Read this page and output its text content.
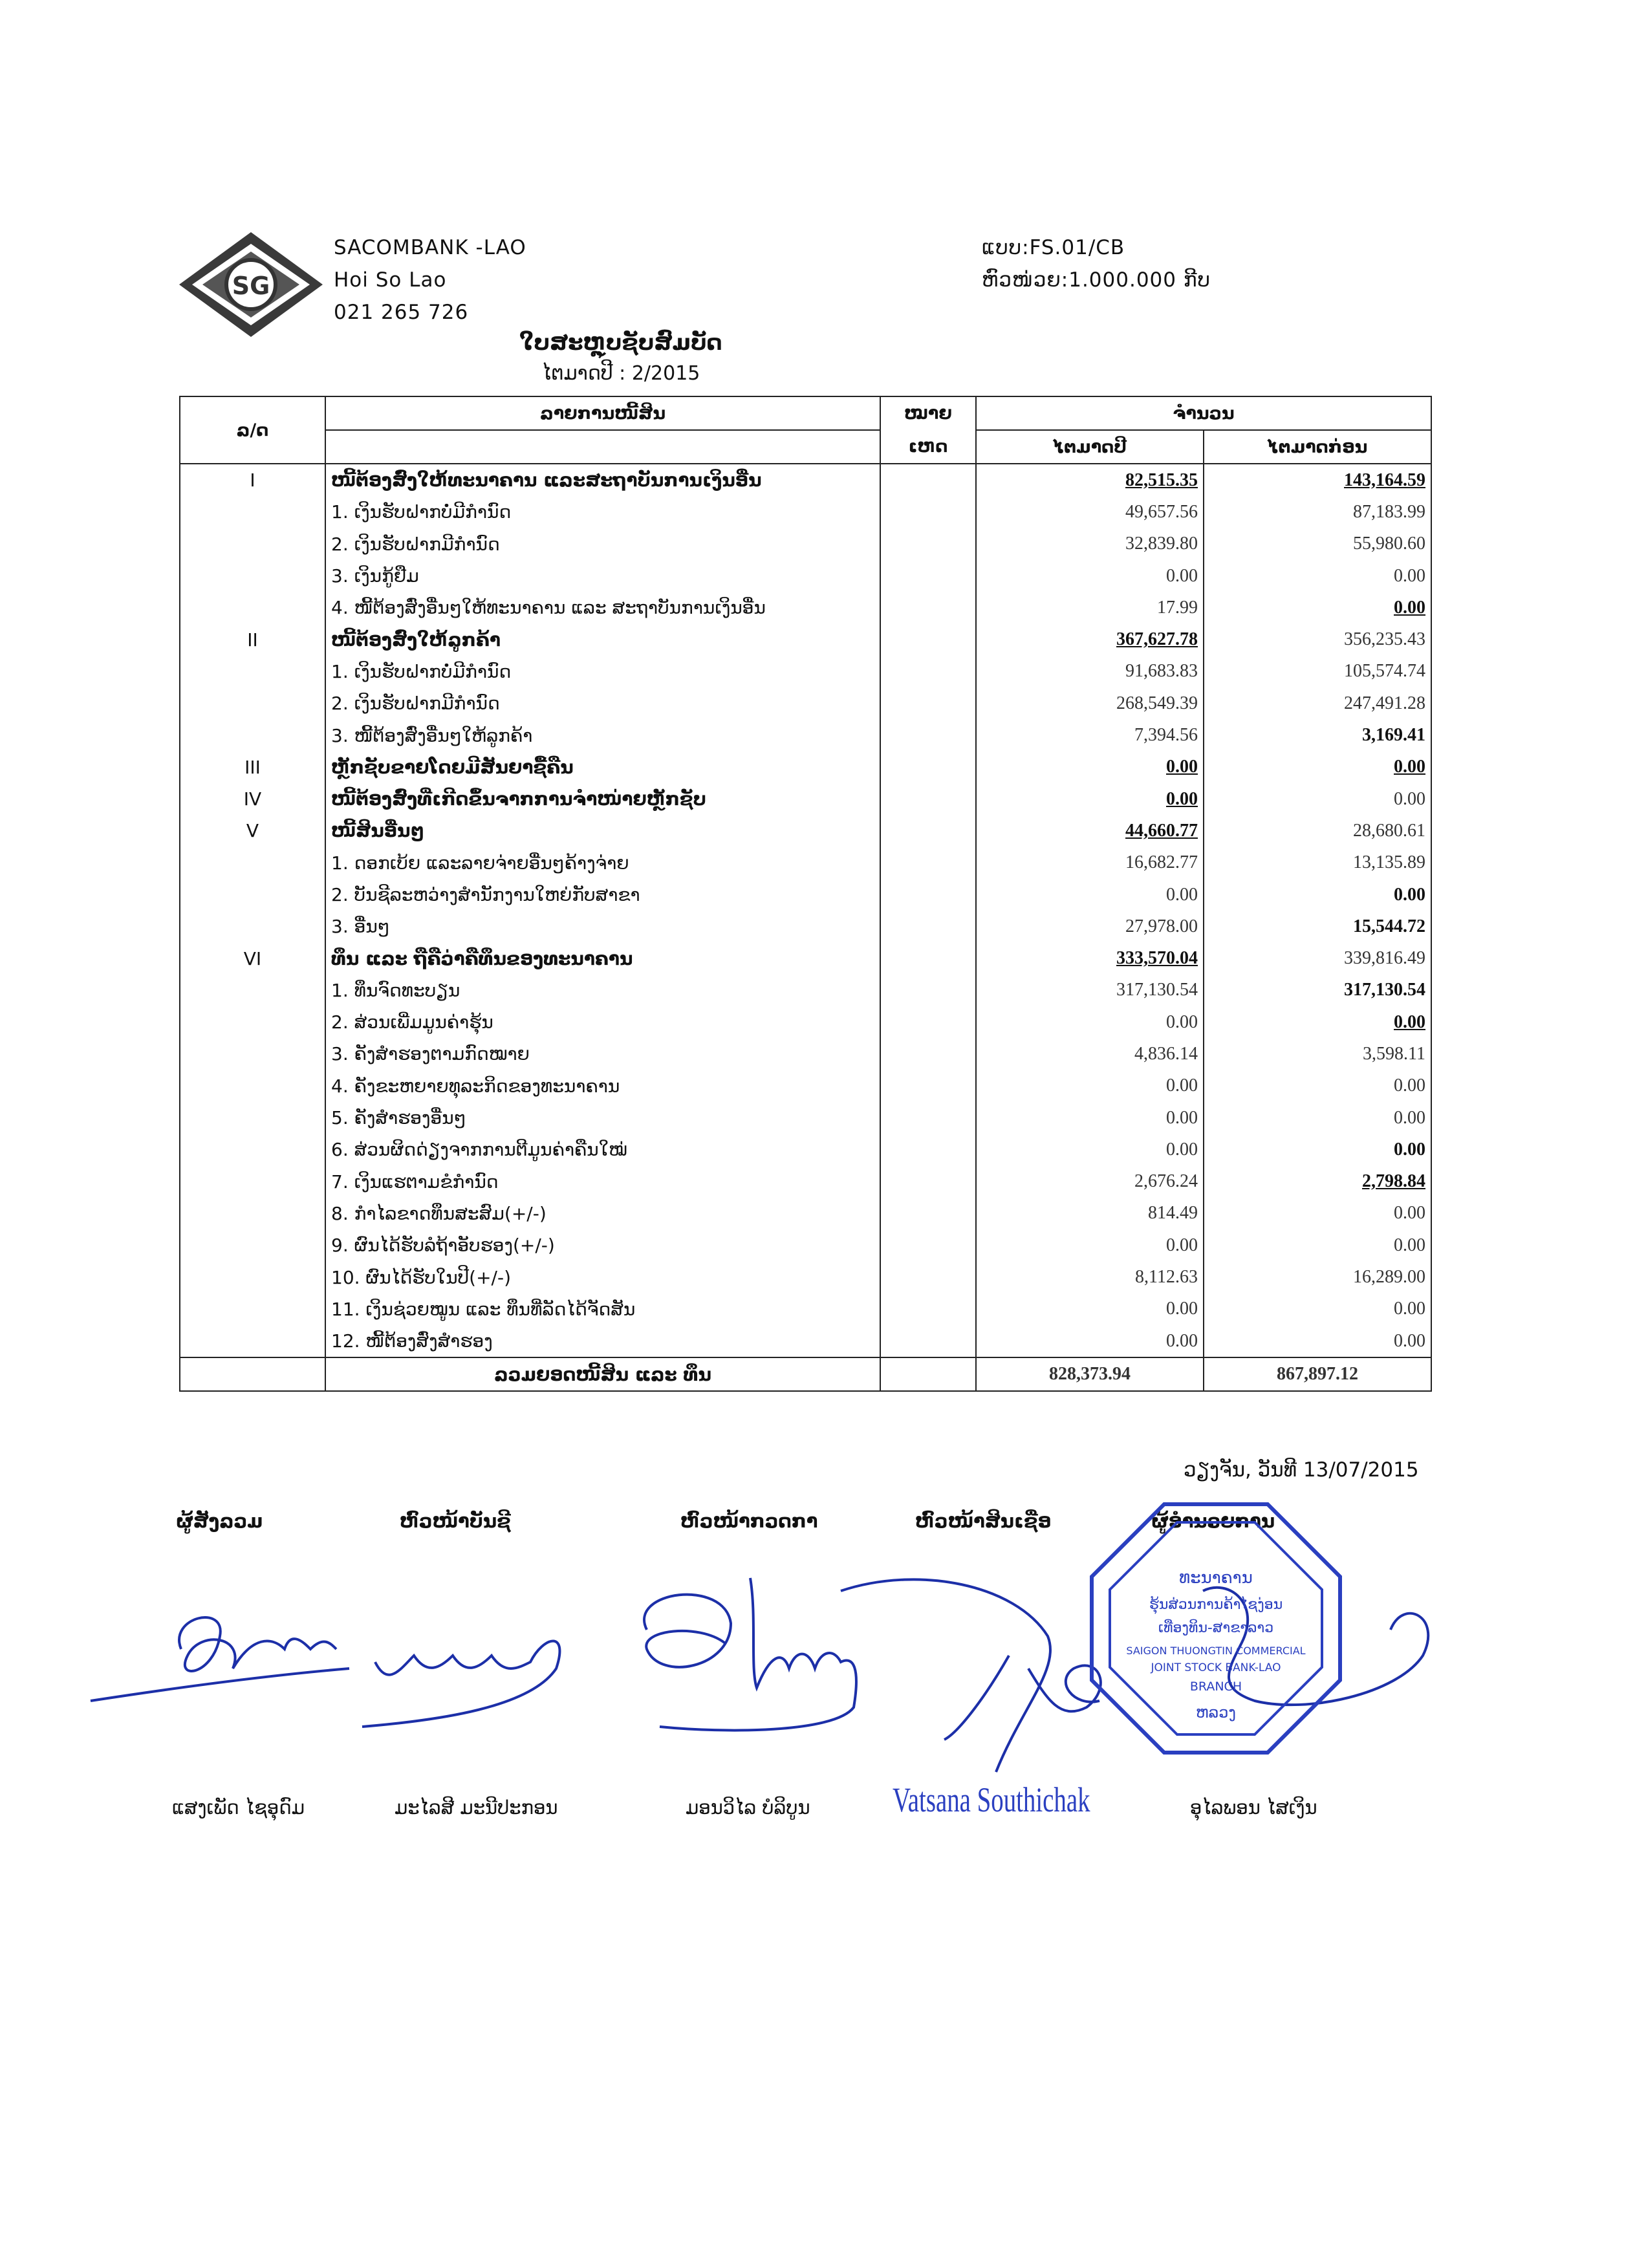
SG
SACOMBANK -LAO
Hoi So Lao
021 265 726
ແບບ:FS.01/CB
ຫົວໜ່ວຍ:1.000.000 ກີບ
ໃບສະຫຼຸບຊັບສົມບັດ
ໄຕມາດປີ : 2/2015
ລ/ດ	ລາຍການໜີ້ສິນ	ໝາຍ	ຈຳນວນ	
		ເຫດ	ໄຕມາດປີ	ໄຕມາດກ່ອນ
I	ໜີ້ຕ້ອງສົ່ງໃຫ້ທະນາຄານ ແລະສະຖາບັນການເງິນອື່ນ		82,515.35	143,164.59
	1. ເງິນຮັບຝາກບໍ່ມີກຳນົດ		49,657.56	87,183.99
	2. ເງິນຮັບຝາກມີກຳນົດ		32,839.80	55,980.60
	3. ເງິນກູ້ຢືມ		0.00	0.00
	4. ໜີ້ຕ້ອງສົ່ງອື່ນໆໃຫ້ທະນາຄານ ແລະ ສະຖາບັນການເງິນອື່ນ		17.99	0.00
II	ໜີ້ຕ້ອງສົ່ງໃຫ້ລູກຄ້າ		367,627.78	356,235.43
	1. ເງິນຮັບຝາກບໍ່ມີກຳນົດ		91,683.83	105,574.74
	2. ເງິນຮັບຝາກມີກຳນົດ		268,549.39	247,491.28
	3. ໜີ້ຕ້ອງສົ່ງອື່ນໆໃຫ້ລູກຄ້າ		7,394.56	3,169.41
III	ຫຼັກຊັບຂາຍໂດຍມີສັນຍາຊື້ຄືນ		0.00	0.00
IV	ໜີ້ຕ້ອງສົ່ງທີ່ເກີດຂຶ້ນຈາກການຈຳໜ່າຍຫຼັກຊັບ		0.00	0.00
V	ໜີ້ສິນອື່ນໆ		44,660.77	28,680.61
	1. ດອກເບ້ຍ ແລະລາຍຈ່າຍອື່ນໆຄ້າງຈ່າຍ		16,682.77	13,135.89
	2. ບັນຊີລະຫວ່າງສຳນັກງານໃຫຍ່ກັບສາຂາ		0.00	0.00
	3. ອື່ນໆ		27,978.00	15,544.72
VI	ທຶນ ແລະ ຖືຄືວ່າຄືທຶນຂອງທະນາຄານ		333,570.04	339,816.49
	1. ທຶນຈົດທະບຽນ		317,130.54	317,130.54
	2. ສ່ວນເພີ່ມມູນຄ່າຮຸ້ນ		0.00	0.00
	3. ຄັງສຳຮອງຕາມກົດໝາຍ		4,836.14	3,598.11
	4. ຄັງຂະຫຍາຍທຸລະກິດຂອງທະນາຄານ		0.00	0.00
	5. ຄັງສຳຮອງອື່ນໆ		0.00	0.00
	6. ສ່ວນຜິດດ່ຽງຈາກການຕີມູນຄ່າຄືນໃໝ່		0.00	0.00
	7. ເງິນແຮຕາມຂໍກຳນົດ		2,676.24	2,798.84
	8. ກຳໄລຂາດທຶນສະສົມ(+/-)		814.49	0.00
	9. ຜົນໄດ້ຮັບລໍຖ້າອັບຮອງ(+/-)		0.00	0.00
	10. ຜົນໄດ້ຮັບໃນປີ(+/-)		8,112.63	16,289.00
	11. ເງິນຊ່ວຍໝູນ ແລະ ທຶນທີ່ລັດໄດ້ຈັດສັນ		0.00	0.00
	12. ໜີ້ຕ້ອງສົ່ງສຳຮອງ		0.00	0.00
	ລວມຍອດໜີ້ສິນ ແລະ ທຶນ		828,373.94	867,897.12
ວຽງຈັນ, ວັນທີ 13/07/2015
ຜູ້ສັງລວມ	ຫົວໜ້າບັນຊີ	ຫົວໜ້າກວດກາ	ຫົວໜ້າສິນເຊື່ອ	ຜູ້ອຳນວຍການ
ທະນາຄານ
ຮຸ້ນສ່ວນການຄ້າໄຊງ່ອນ
ເທືອງທິນ-ສາຂາລາວ
SAIGON THUONGTIN COMMERCIAL
JOINT STOCK BANK-LAO
BRANCH
ຫລວງ
ແສງເພັດ ໄຊອຸດົມ	ມະໄລສີ ມະນີປະກອນ	ມອນວິໄລ ບໍລິບູນ Vatsana Southichak	ອຸໄລພອນ ໄສເງິນ
